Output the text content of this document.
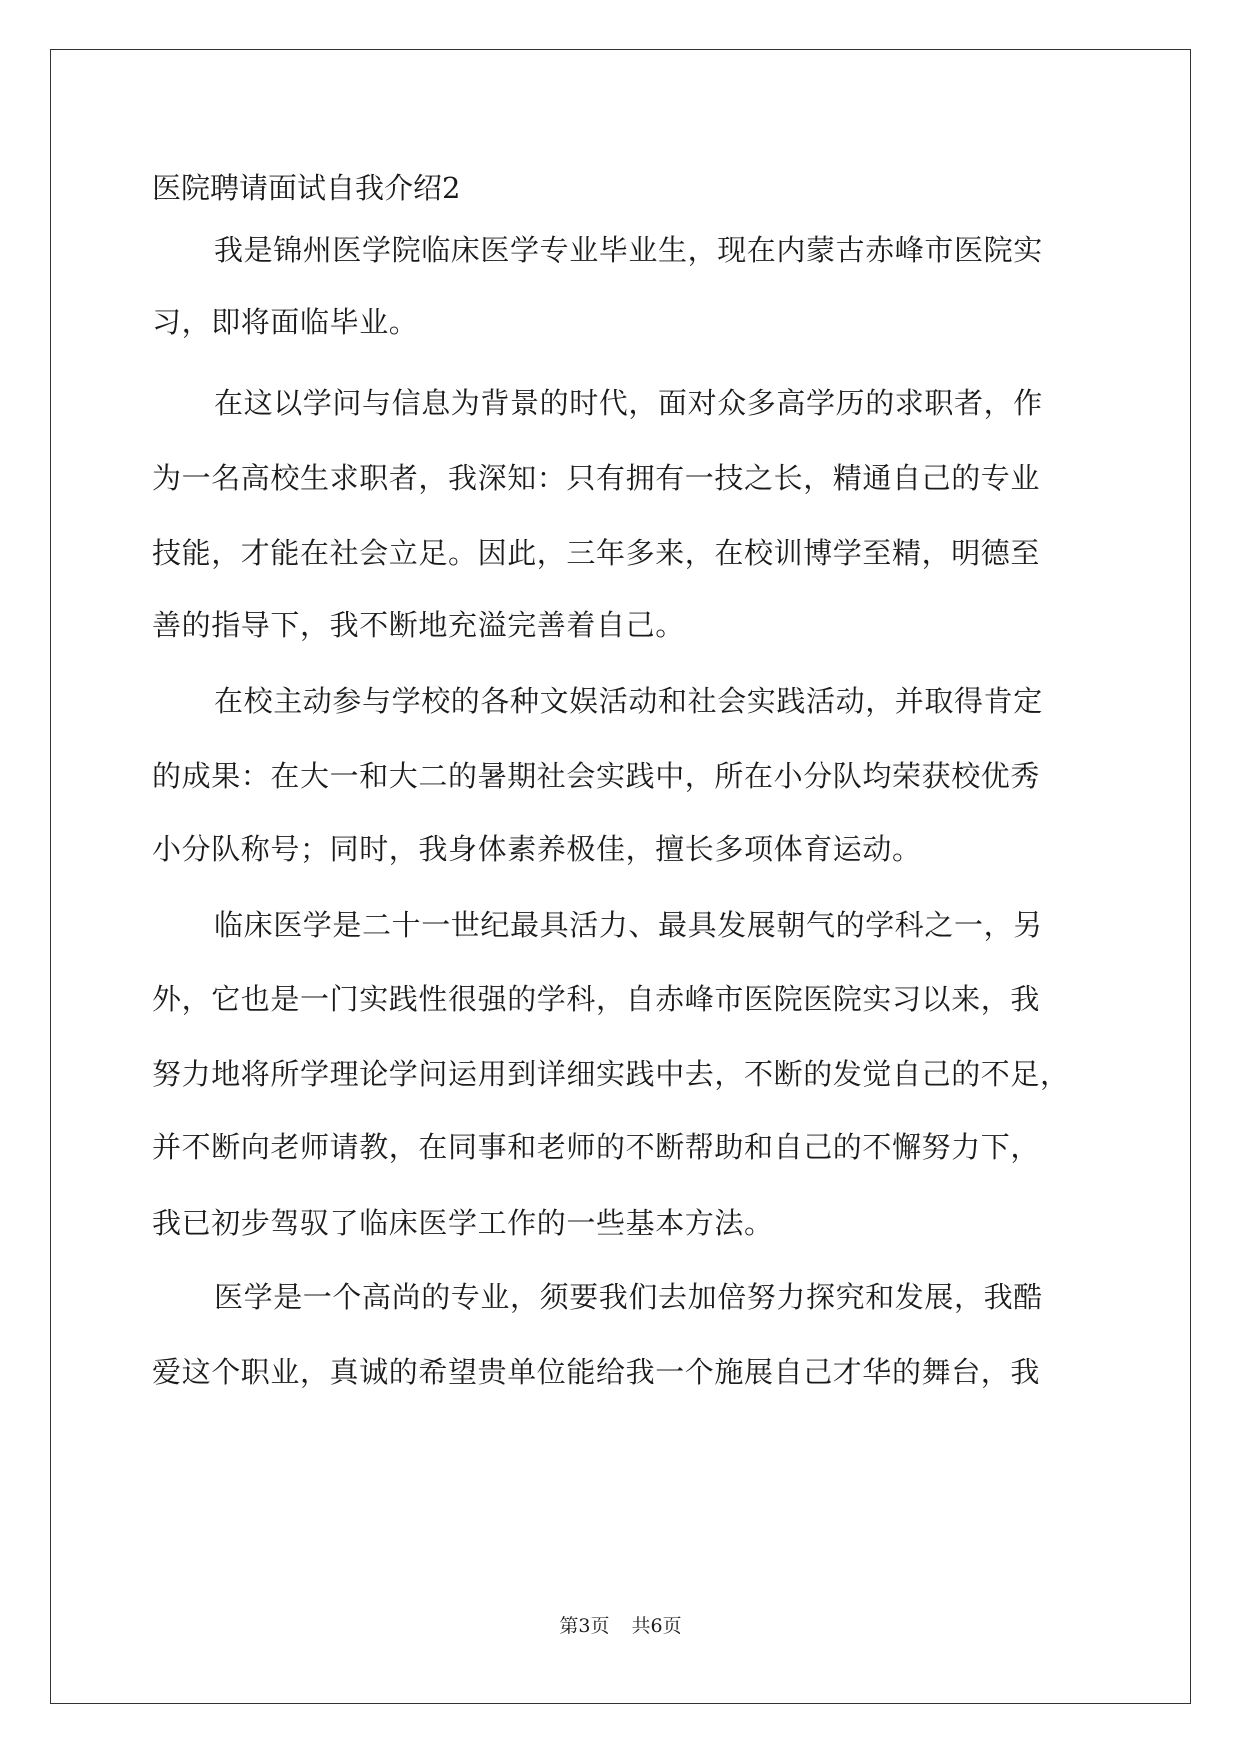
医院聘请面试自我介绍2

我是锦州医学院临床医学专业毕业生，现在内蒙古赤峰市医院实

习，即将面临毕业。

在这以学问与信息为背景的时代，面对众多高学历的求职者，作

为一名高校生求职者，我深知：只有拥有一技之长，精通自己的专业

技能，才能在社会立足。因此，三年多来，在校训博学至精，明德至

善的指导下，我不断地充溢完善着自己。

在校主动参与学校的各种文娱活动和社会实践活动，并取得肯定

的成果：在大一和大二的暑期社会实践中，所在小分队均荣获校优秀

小分队称号；同时，我身体素养极佳，擅长多项体育运动。

临床医学是二十一世纪最具活力、最具发展朝气的学科之一，另

外，它也是一门实践性很强的学科，自赤峰市医院医院实习以来，我

努力地将所学理论学问运用到详细实践中去，不断的发觉自己的不足，

并不断向老师请教，在同事和老师的不断帮助和自己的不懈努力下，

我已初步驾驭了临床医学工作的一些基本方法。

医学是一个高尚的专业，须要我们去加倍努力探究和发展，我酷

爱这个职业，真诚的希望贵单位能给我一个施展自己才华的舞台，我

第3页 共6页
